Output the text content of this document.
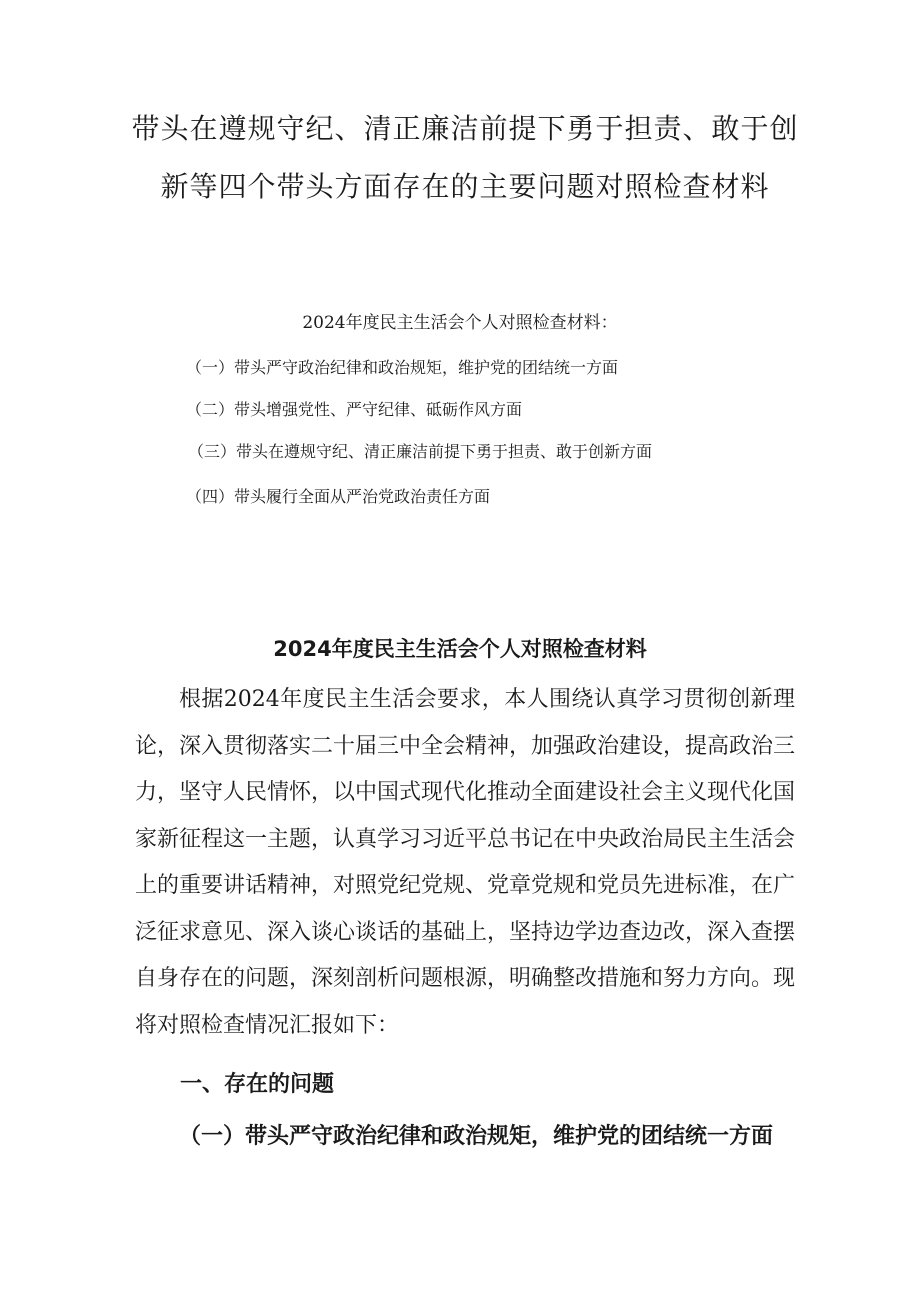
带头在遵规守纪、清正廉洁前提下勇于担责、敢于创新等四个带头方面存在的主要问题对照检查材料
2024年度民主生活会个人对照检查材料：
（一）带头严守政治纪律和政治规矩，维护党的团结统一方面
（二）带头增强党性、严守纪律、砥砺作风方面
（三）带头在遵规守纪、清正廉洁前提下勇于担责、敢于创新方面
（四）带头履行全面从严治党政治责任方面
2024年度民主生活会个人对照检查材料

根据2024年度民主生活会要求，本人围绕认真学习贯彻创新理论，深入贯彻落实二十届三中全会精神，加强政治建设，提高政治三力，坚守人民情怀，以中国式现代化推动全面建设社会主义现代化国家新征程这一主题，认真学习习近平总书记在中央政治局民主生活会上的重要讲话精神，对照党纪党规、党章党规和党员先进标准，在广泛征求意见、深入谈心谈话的基础上，坚持边学边查边改，深入查摆自身存在的问题，深刻剖析问题根源，明确整改措施和努力方向。现将对照检查情况汇报如下：

一、存在的问题

（一）带头严守政治纪律和政治规矩，维护党的团结统一方面
